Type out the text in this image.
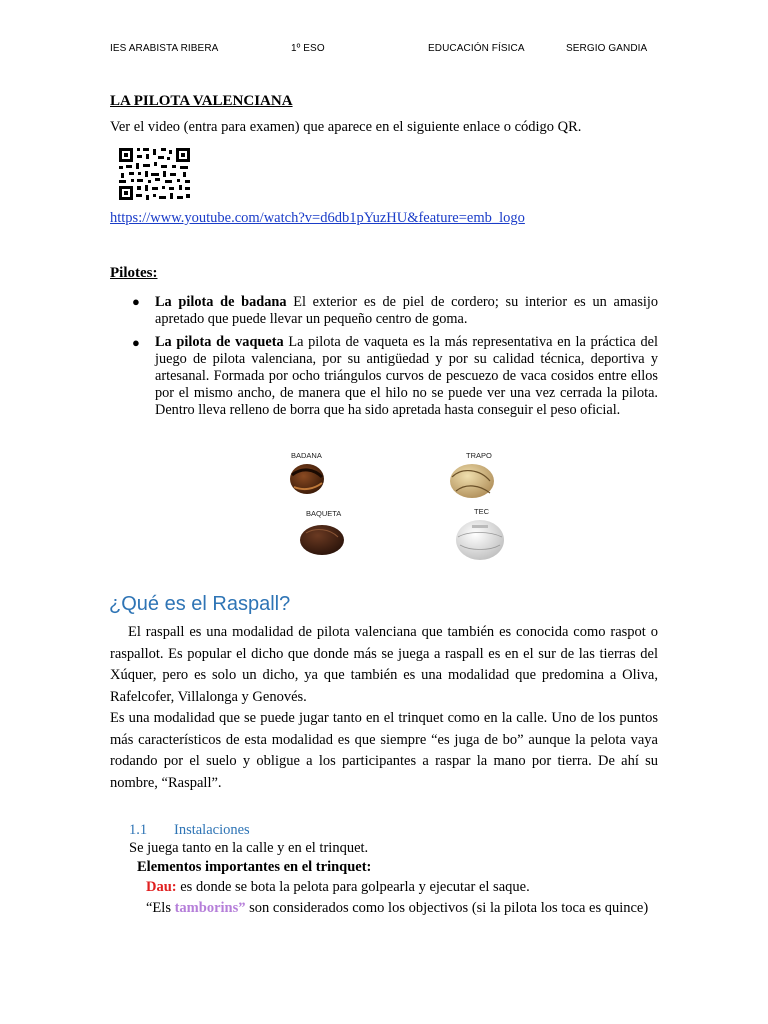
IES ARABISTA RIBERA	1º ESO	EDUCACIÓN FÍSICA	SERGIO GANDIA
LA PILOTA VALENCIANA
Ver el video (entra para examen) que aparece en el siguiente enlace o código QR.
https://www.youtube.com/watch?v=d6db1pYuzHU&feature=emb_logo
Pilotes:
● La pilota de badana El exterior es de piel de cordero; su interior es un amasijo apretado que puede llevar un pequeño centro de goma.
● La pilota de vaqueta La pilota de vaqueta es la más representativa en la práctica del juego de pilota valenciana, por su antigüedad y por su calidad técnica, deportiva y artesanal. Formada por ocho triángulos curvos de pescuezo de vaca cosidos entre ellos por el mismo ancho, de manera que el hilo no se puede ver una vez cerrada la pilota. Dentro lleva relleno de borra que ha sido apretada hasta conseguir el peso oficial.
BADANA	TRAPO
BAQUETA	TEC
¿Qué es el Raspall?
El raspall es una modalidad de pilota valenciana que también es conocida como raspot o raspallot. Es popular el dicho que donde más se juega a raspall es en el sur de las tierras del Xúquer, pero es solo un dicho, ya que también es una modalidad que predomina a Oliva, Rafelcofer, Villalonga y Genovés.
Es una modalidad que se puede jugar tanto en el trinquet como en la calle. Uno de los puntos más característicos de esta modalidad es que siempre “es juga de bo” aunque la pelota vaya rodando por el suelo y obligue a los participantes a raspar la mano por tierra. De ahí su nombre, “Raspall”.
1.1 Instalaciones
Se juega tanto en la calle y en el trinquet.
Elementos importantes en el trinquet:
Dau: es donde se bota la pelota para golpearla y ejecutar el saque.
“Els tamborins” son considerados como los objectivos (si la pilota los toca es quince)
